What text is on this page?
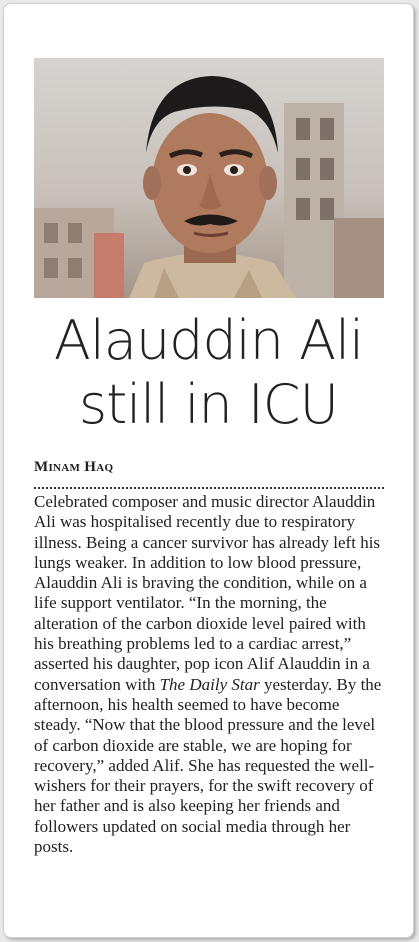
Alauddin Ali
still in ICU
Minam Haq
Celebrated composer and music director Alauddin Ali was hospitalised recently due to respiratory illness. Being a cancer survivor has already left his lungs weaker. In addition to low blood pressure, Alauddin Ali is braving the condition, while on a life support ventilator. “In the morning, the alteration of the carbon dioxide level paired with his breathing problems led to a cardiac arrest,” asserted his daughter, pop icon Alif Alauddin in a conversation with The Daily Star yesterday. By the afternoon, his health seemed to have become steady. “Now that the blood pressure and the level of carbon dioxide are stable, we are hoping for recovery,” added Alif. She has requested the well-wishers for their prayers, for the swift recovery of her father and is also keeping her friends and followers updated on social media through her posts.
